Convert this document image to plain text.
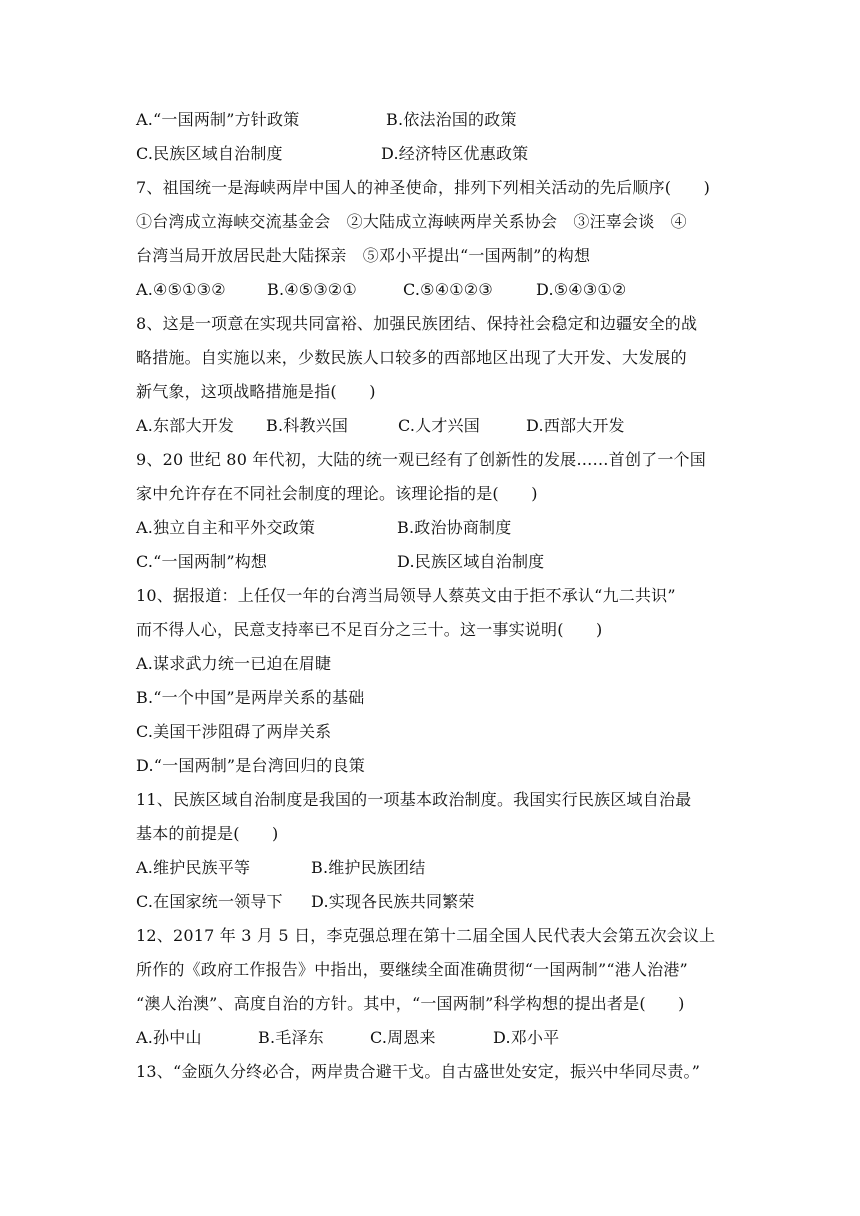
A.“一国两制”方针政策	B.依法治国的政策
C.民族区域自治制度	D.经济特区优惠政策
7、祖国统一是海峡两岸中国人的神圣使命，排列下列相关活动的先后顺序(　　)
①台湾成立海峡交流基金会　②大陆成立海峡两岸关系协会　③汪辜会谈　④
台湾当局开放居民赴大陆探亲　⑤邓小平提出“一国两制”的构想
A.④⑤①③②	B.④⑤③②①	C.⑤④①②③	D.⑤④③①②
8、这是一项意在实现共同富裕、加强民族团结、保持社会稳定和边疆安全的战
略措施。自实施以来，少数民族人口较多的西部地区出现了大开发、大发展的
新气象，这项战略措施是指(　　)
A.东部大开发 B.科教兴国	C.人才兴国	D.西部大开发
9、20 世纪 80 年代初，大陆的统一观已经有了创新性的发展……首创了一个国
家中允许存在不同社会制度的理论。该理论指的是(　　)
A.独立自主和平外交政策	B.政治协商制度
C.“一国两制”构想	D.民族区域自治制度
10、据报道：上任仅一年的台湾当局领导人蔡英文由于拒不承认“九二共识”
而不得人心，民意支持率已不足百分之三十。这一事实说明(　　)
A.谋求武力统一已迫在眉睫
B.“一个中国”是两岸关系的基础
C.美国干涉阻碍了两岸关系
D.“一国两制”是台湾回归的良策
11、民族区域自治制度是我国的一项基本政治制度。我国实行民族区域自治最
基本的前提是(　　)
A.维护民族平等	B.维护民族团结
C.在国家统一领导下 D.实现各民族共同繁荣
12、2017 年 3 月 5 日，李克强总理在第十二届全国人民代表大会第五次会议上
所作的《政府工作报告》中指出，要继续全面准确贯彻“一国两制”“港人治港”
“澳人治澳”、高度自治的方针。其中，“一国两制”科学构想的提出者是(　　)
A.孙中山	B.毛泽东	C.周恩来	D.邓小平
13、“金瓯久分终必合，两岸贵合避干戈。自古盛世处安定，振兴中华同尽责。”
